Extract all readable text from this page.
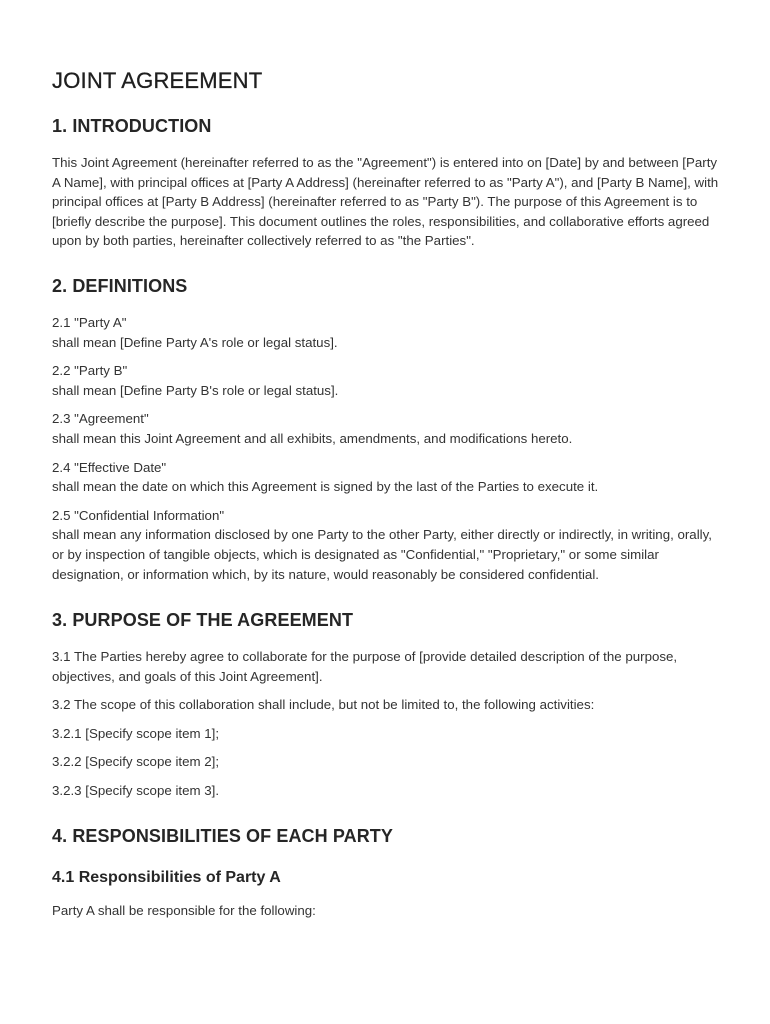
JOINT AGREEMENT
1. INTRODUCTION

This Joint Agreement (hereinafter referred to as the "Agreement") is entered into on [Date] by and between [Party A Name], with principal offices at [Party A Address] (hereinafter referred to as "Party A"), and [Party B Name], with principal offices at [Party B Address] (hereinafter referred to as "Party B"). The purpose of this Agreement is to [briefly describe the purpose]. This document outlines the roles, responsibilities, and collaborative efforts agreed upon by both parties, hereinafter collectively referred to as "the Parties".

2. DEFINITIONS

2.1 "Party A"
shall mean [Define Party A's role or legal status].

2.2 "Party B"
shall mean [Define Party B's role or legal status].

2.3 "Agreement"
shall mean this Joint Agreement and all exhibits, amendments, and modifications hereto.

2.4 "Effective Date"
shall mean the date on which this Agreement is signed by the last of the Parties to execute it.

2.5 "Confidential Information"
shall mean any information disclosed by one Party to the other Party, either directly or indirectly, in writing, orally, or by inspection of tangible objects, which is designated as "Confidential," "Proprietary," or some similar designation, or information which, by its nature, would reasonably be considered confidential.

3. PURPOSE OF THE AGREEMENT

3.1 The Parties hereby agree to collaborate for the purpose of [provide detailed description of the purpose, objectives, and goals of this Joint Agreement].

3.2 The scope of this collaboration shall include, but not be limited to, the following activities:

3.2.1 [Specify scope item 1];

3.2.2 [Specify scope item 2];

3.2.3 [Specify scope item 3].

4. RESPONSIBILITIES OF EACH PARTY
4.1 Responsibilities of Party A

Party A shall be responsible for the following:
